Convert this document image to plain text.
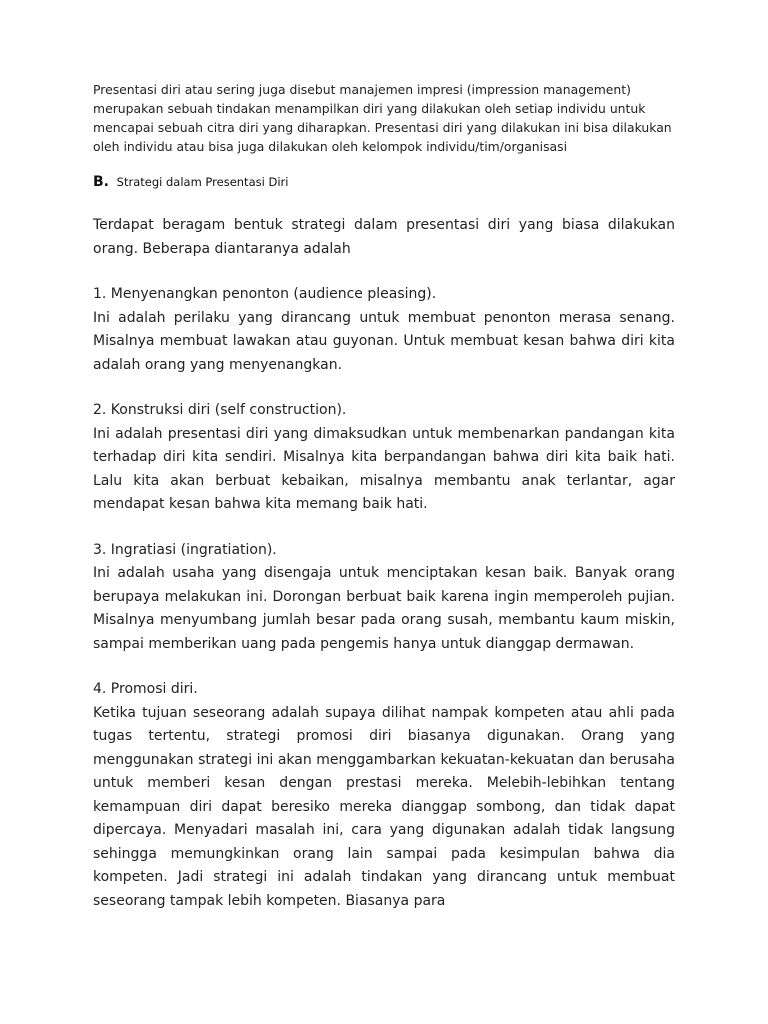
Presentasi diri atau sering juga disebut manajemen impresi (impression management) merupakan sebuah tindakan menampilkan diri yang dilakukan oleh setiap individu untuk mencapai sebuah citra diri yang diharapkan. Presentasi diri yang dilakukan ini bisa dilakukan oleh individu atau bisa juga dilakukan oleh kelompok individu/tim/organisasi

B. Strategi dalam Presentasi Diri

Terdapat beragam bentuk strategi dalam presentasi diri yang biasa dilakukan orang. Beberapa diantaranya adalah

1. Menyenangkan penonton (audience pleasing).

Ini adalah perilaku yang dirancang untuk membuat penonton merasa senang. Misalnya membuat lawakan atau guyonan. Untuk membuat kesan bahwa diri kita adalah orang yang menyenangkan.

2. Konstruksi diri (self construction).

Ini adalah presentasi diri yang dimaksudkan untuk membenarkan pandangan kita terhadap diri kita sendiri. Misalnya kita berpandangan bahwa diri kita baik hati. Lalu kita akan berbuat kebaikan, misalnya membantu anak terlantar, agar mendapat kesan bahwa kita memang baik hati.

3. Ingratiasi (ingratiation).

Ini adalah usaha yang disengaja untuk menciptakan kesan baik. Banyak orang berupaya melakukan ini. Dorongan berbuat baik karena ingin memperoleh pujian. Misalnya menyumbang jumlah besar pada orang susah, membantu kaum miskin, sampai memberikan uang pada pengemis hanya untuk dianggap dermawan.

4. Promosi diri.

Ketika tujuan seseorang adalah supaya dilihat nampak kompeten atau ahli pada tugas tertentu, strategi promosi diri biasanya digunakan. Orang yang menggunakan strategi ini akan menggambarkan kekuatan-kekuatan dan berusaha untuk memberi kesan dengan prestasi mereka. Melebih-lebihkan tentang kemampuan diri dapat beresiko mereka dianggap sombong, dan tidak dapat dipercaya. Menyadari masalah ini, cara yang digunakan adalah tidak langsung sehingga memungkinkan orang lain sampai pada kesimpulan bahwa dia kompeten. Jadi strategi ini adalah tindakan yang dirancang untuk membuat seseorang tampak lebih kompeten. Biasanya para
